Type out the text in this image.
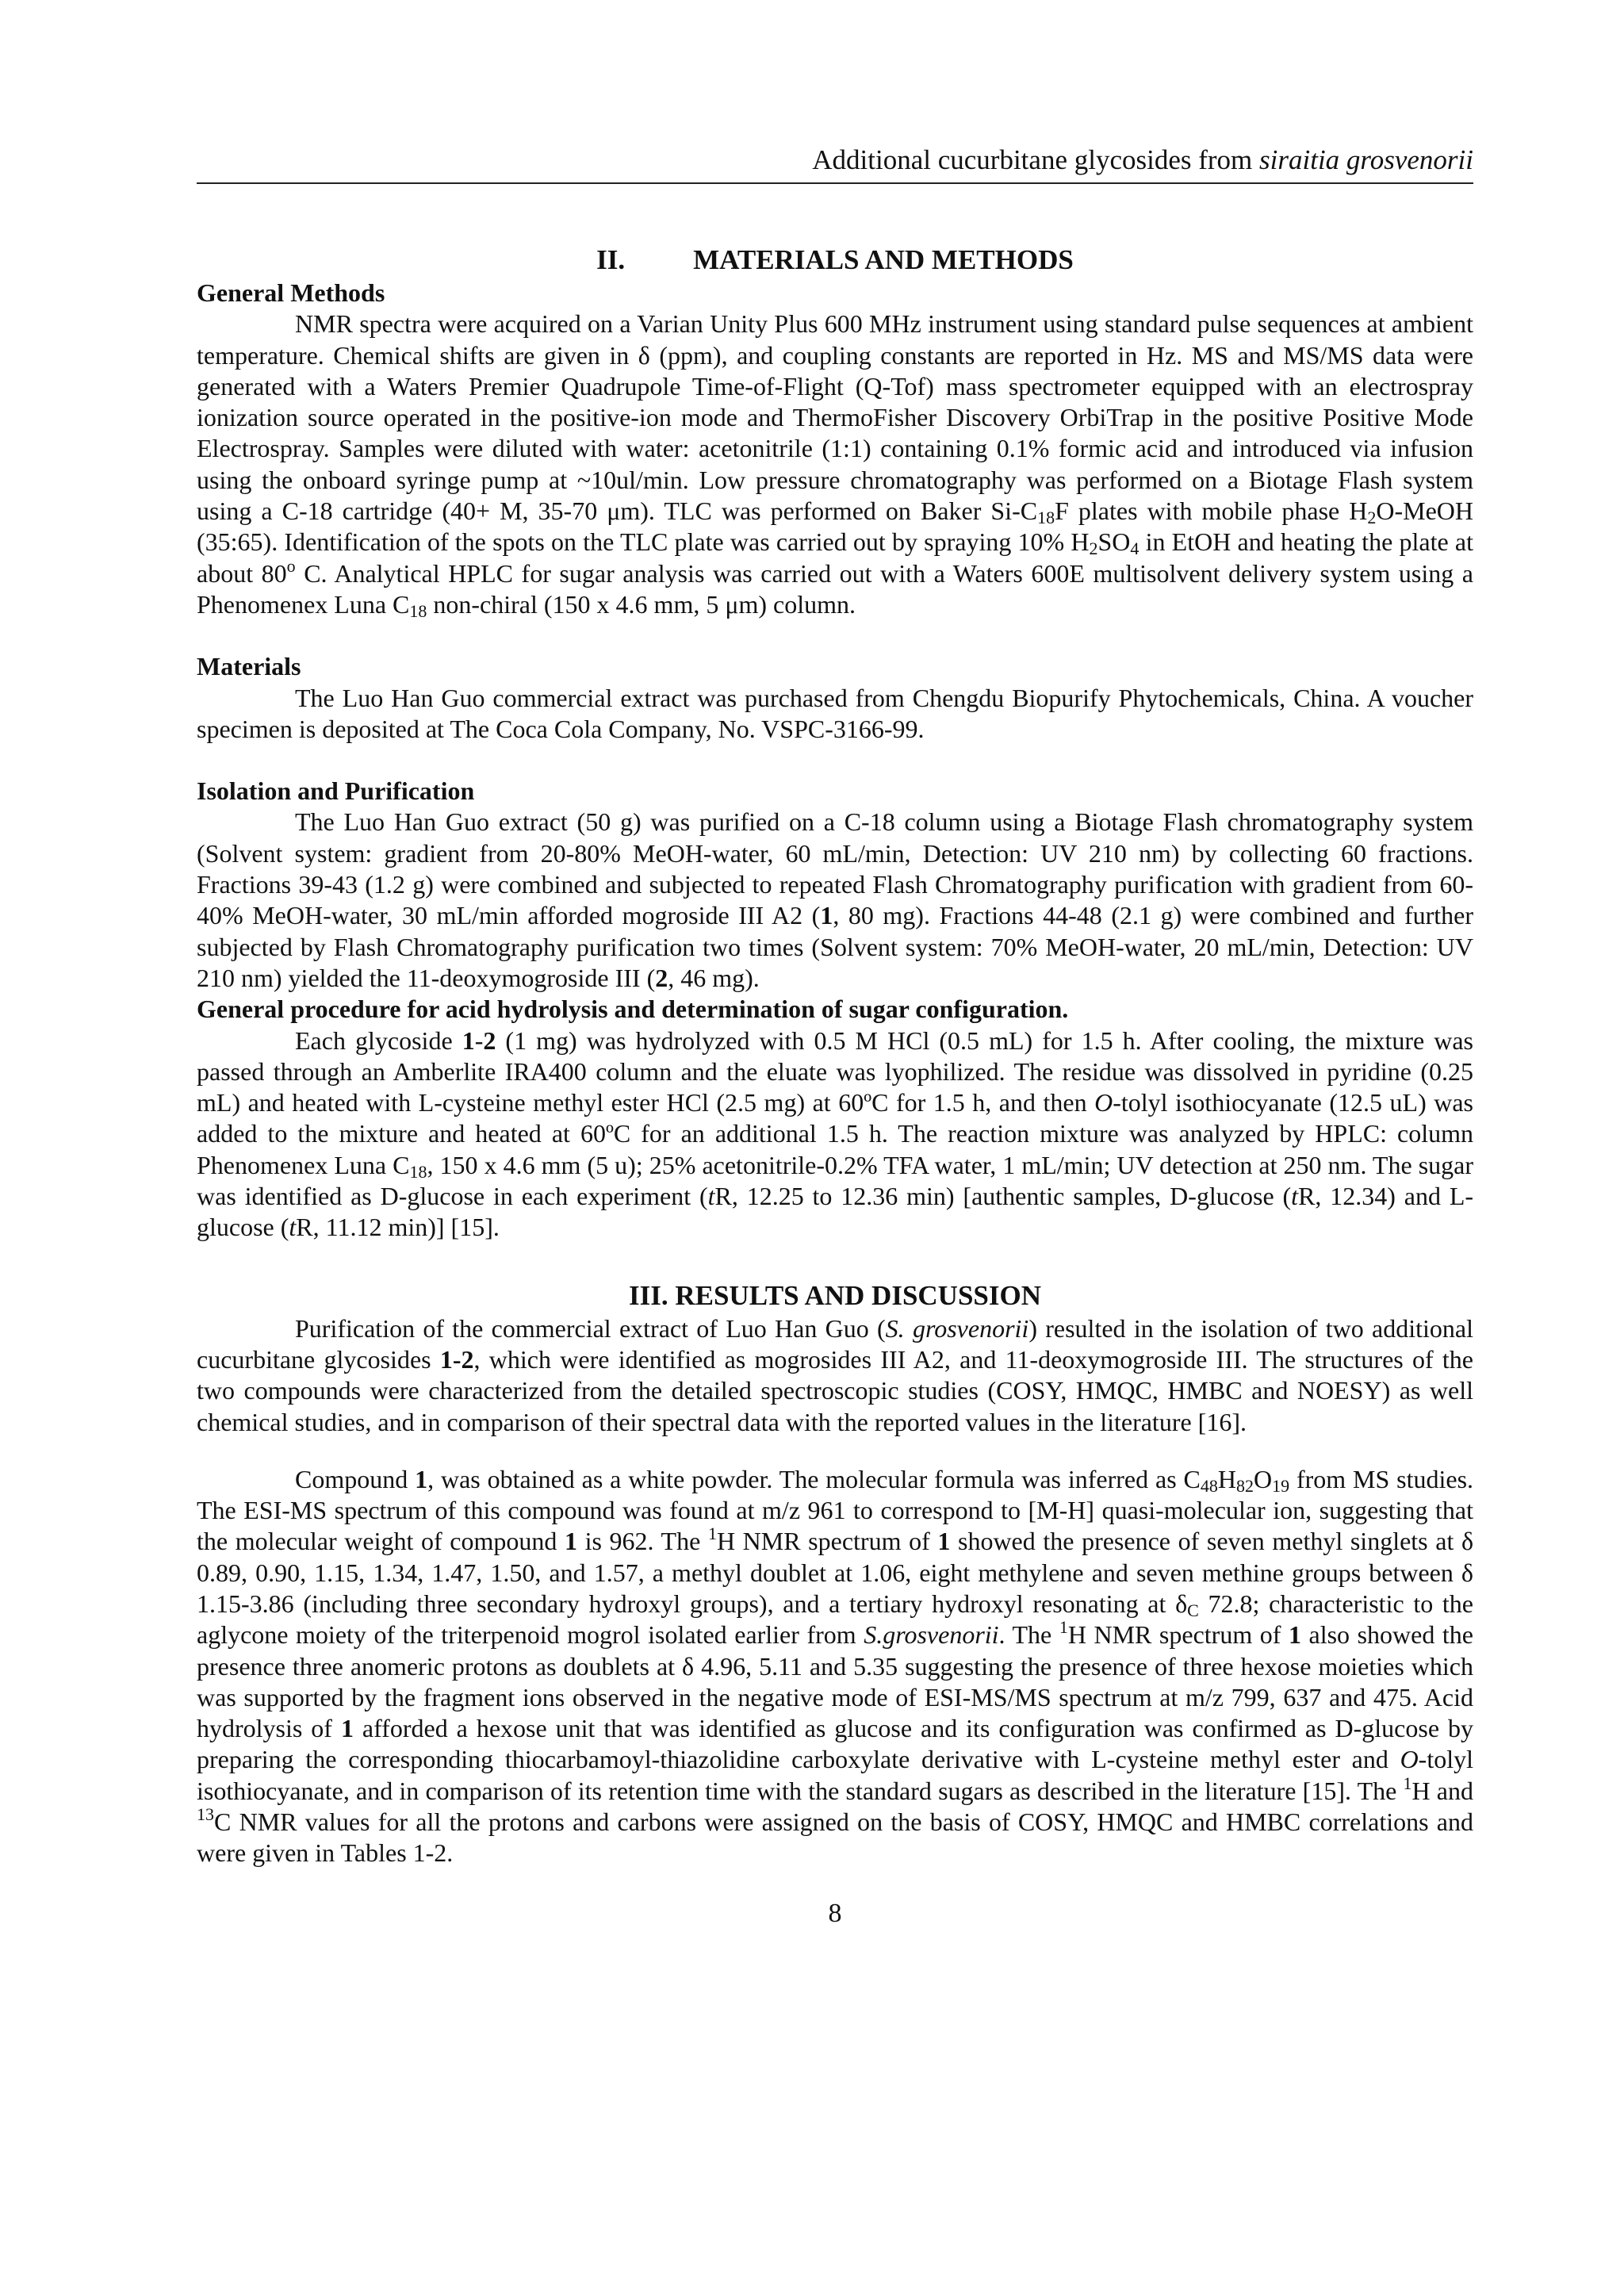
Additional cucurbitane glycosides from siraitia grosvenorii
II. MATERIALS AND METHODS
General Methods

NMR spectra were acquired on a Varian Unity Plus 600 MHz instrument using standard pulse sequences at ambient temperature. Chemical shifts are given in δ (ppm), and coupling constants are reported in Hz. MS and MS/MS data were generated with a Waters Premier Quadrupole Time-of-Flight (Q-Tof) mass spectrometer equipped with an electrospray ionization source operated in the positive-ion mode and ThermoFisher Discovery OrbiTrap in the positive Positive Mode Electrospray. Samples were diluted with water: acetonitrile (1:1) containing 0.1% formic acid and introduced via infusion using the onboard syringe pump at ~10ul/min. Low pressure chromatography was performed on a Biotage Flash system using a C-18 cartridge (40+ M, 35-70 μm). TLC was performed on Baker $Si-C_{18}F$ plates with mobile phase $H_2O$-MeOH (35:65). Identification of the spots on the TLC plate was carried out by spraying 10% $H_2SO_4$ in EtOH and heating the plate at about 80$^o$ C. Analytical HPLC for sugar analysis was carried out with a Waters 600E multisolvent delivery system using a Phenomenex Luna $C_{18}$ non-chiral (150 x 4.6 mm, 5 μm) column.

Materials

The Luo Han Guo commercial extract was purchased from Chengdu Biopurify Phytochemicals, China. A voucher specimen is deposited at The Coca Cola Company, No. VSPC-3166-99.

Isolation and Purification

The Luo Han Guo extract (50 g) was purified on a C-18 column using a Biotage Flash chromatography system (Solvent system: gradient from 20-80% MeOH-water, 60 mL/min, Detection: UV 210 nm) by collecting 60 fractions. Fractions 39-43 (1.2 g) were combined and subjected to repeated Flash Chromatography purification with gradient from 60-40% MeOH-water, 30 mL/min afforded mogroside III A2 (1, 80 mg). Fractions 44-48 (2.1 g) were combined and further subjected by Flash Chromatography purification two times (Solvent system: 70% MeOH-water, 20 mL/min, Detection: UV 210 nm) yielded the 11-deoxymogroside III (2, 46 mg).

General procedure for acid hydrolysis and determination of sugar configuration.

Each glycoside 1-2 (1 mg) was hydrolyzed with 0.5 M HCl (0.5 mL) for 1.5 h. After cooling, the mixture was passed through an Amberlite IRA400 column and the eluate was lyophilized. The residue was dissolved in pyridine (0.25 mL) and heated with L-cysteine methyl ester HCl (2.5 mg) at 60ºC for 1.5 h, and then O-tolyl isothiocyanate (12.5 uL) was added to the mixture and heated at 60ºC for an additional 1.5 h. The reaction mixture was analyzed by HPLC: column Phenomenex Luna $C_{18}$, 150 x 4.6 mm (5 u); 25% acetonitrile-0.2% TFA water, 1 mL/min; UV detection at 250 nm. The sugar was identified as D-glucose in each experiment (tR, 12.25 to 12.36 min) [authentic samples, D-glucose (tR, 12.34) and L-glucose (tR, 11.12 min)] [15].

III. RESULTS AND DISCUSSION

Purification of the commercial extract of Luo Han Guo (S. grosvenorii) resulted in the isolation of two additional cucurbitane glycosides 1-2, which were identified as mogrosides III A2, and 11-deoxymogroside III. The structures of the two compounds were characterized from the detailed spectroscopic studies (COSY, HMQC, HMBC and NOESY) as well chemical studies, and in comparison of their spectral data with the reported values in the literature [16].

Compound 1, was obtained as a white powder. The molecular formula was inferred as $C_{48}H_{82}O_{19}$ from MS studies. The ESI-MS spectrum of this compound was found at m/z 961 to correspond to [M-H] quasi-molecular ion, suggesting that the molecular weight of compound 1 is 962. The $^1$H NMR spectrum of 1 showed the presence of seven methyl singlets at δ 0.89, 0.90, 1.15, 1.34, 1.47, 1.50, and 1.57, a methyl doublet at 1.06, eight methylene and seven methine groups between δ 1.15-3.86 (including three secondary hydroxyl groups), and a tertiary hydroxyl resonating at $\delta_C$ 72.8; characteristic to the aglycone moiety of the triterpenoid mogrol isolated earlier from S.grosvenorii. The $^1$H NMR spectrum of 1 also showed the presence three anomeric protons as doublets at δ 4.96, 5.11 and 5.35 suggesting the presence of three hexose moieties which was supported by the fragment ions observed in the negative mode of ESI-MS/MS spectrum at m/z 799, 637 and 475. Acid hydrolysis of 1 afforded a hexose unit that was identified as glucose and its configuration was confirmed as D-glucose by preparing the corresponding thiocarbamoyl-thiazolidine carboxylate derivative with L-cysteine methyl ester and O-tolyl isothiocyanate, and in comparison of its retention time with the standard sugars as described in the literature [15]. The $^1$H and $^{13}$C NMR values for all the protons and carbons were assigned on the basis of COSY, HMQC and HMBC correlations and were given in Tables 1-2.

8
